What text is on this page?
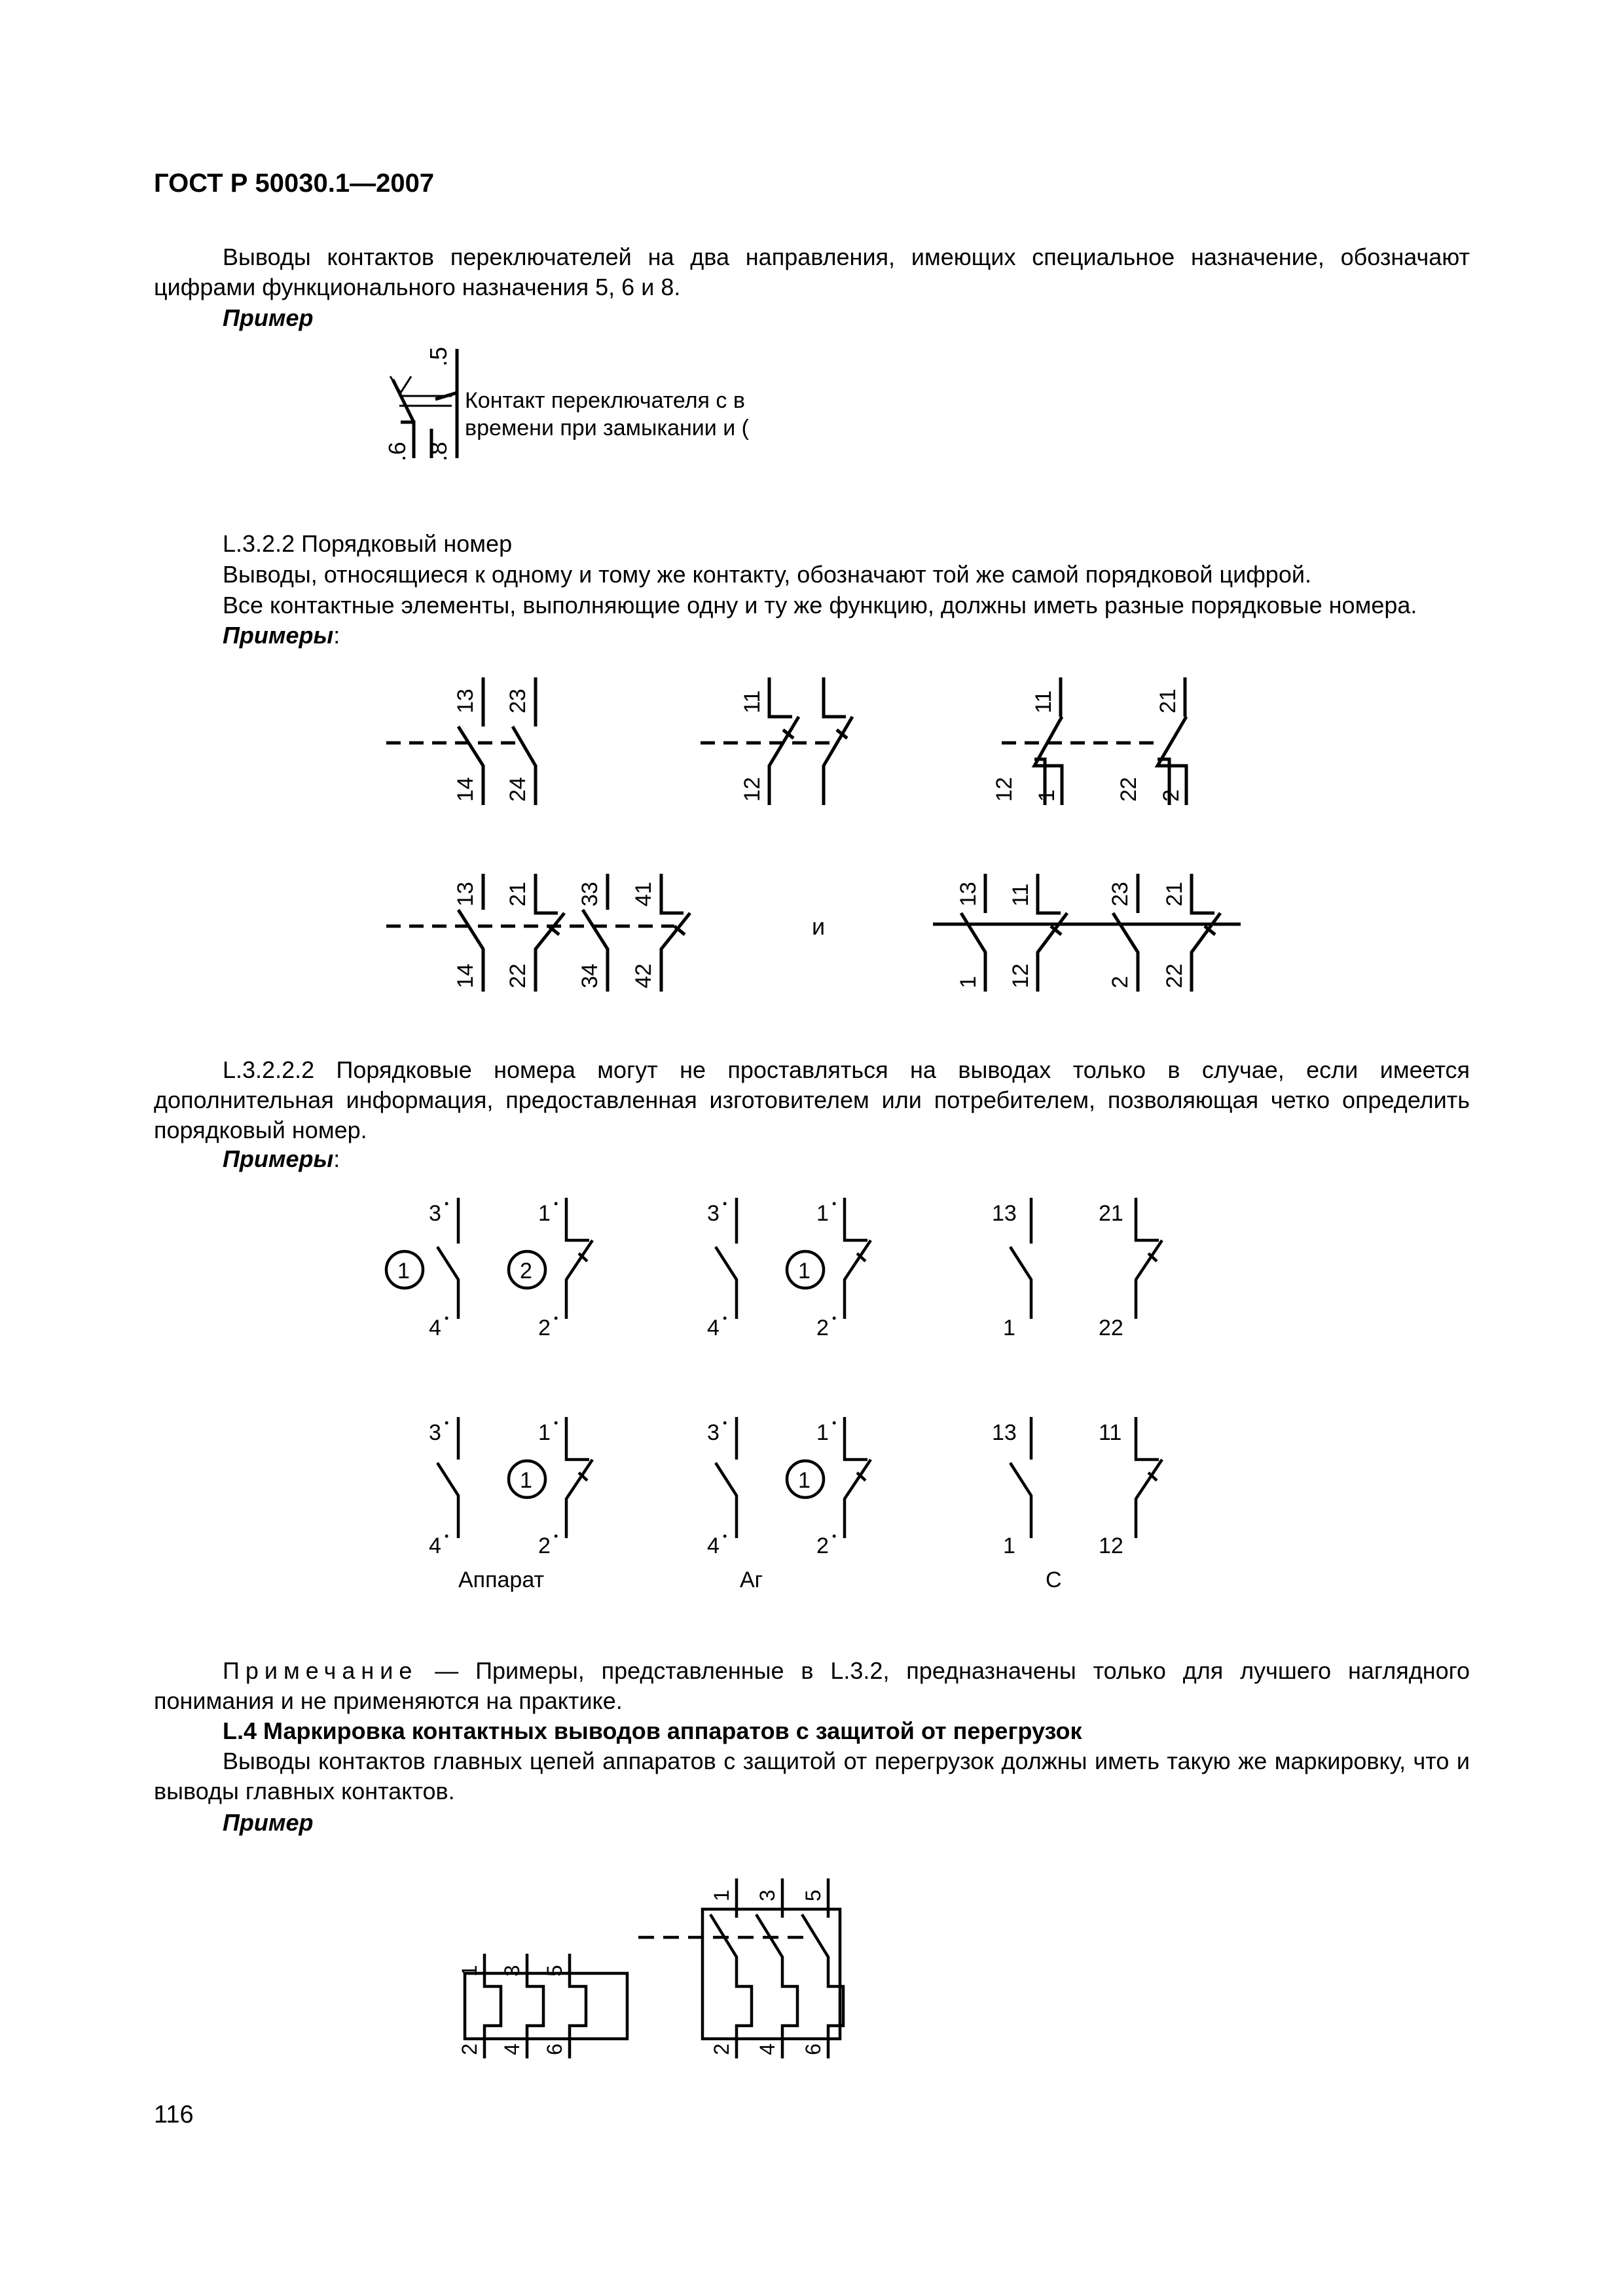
ГОСТ Р 50030.1—2007

Выводы контактов переключателей на два направления, имеющих специальное назначение, обозначают цифрами функционального назначения 5, 6 и 8.

Пример

.5
.6 .8
Контакт переключателя с в
времени при замыкании и (
13 23
14 24
11
12
11	21
12 1	22 2
13 21 33 41
14 22 34 42
и
13 11	23 21
1 12	2 22
3 •
4 •
1
1 •
2 •
2
3 •
4 •
1 •
2 •
1
13
1
21
22
3 •
4 •
1 •
2 •
1
3 •
4 •
1 •
2 •
1
13
1
11
12
Аппарат	Аг	С
1 3 5
2 4 6
1 3 5
2 4 6

L.3.2.2 Порядковый номер

Выводы, относящиеся к одному и тому же контакту, обозначают той же самой порядковой цифрой.

Все контактные элементы, выполняющие одну и ту же функцию, должны иметь разные порядковые номера.

Примеры:

L.3.2.2.2 Порядковые номера могут не проставляться на выводах только в случае, если имеется дополнительная информация, предоставленная изготовителем или потребителем, позволяющая четко определить порядковый номер.

Примеры:

Примечание — Примеры, представленные в L.3.2, предназначены только для лучшего наглядного понимания и не применяются на практике.

L.4 Маркировка контактных выводов аппаратов с защитой от перегрузок

Выводы контактов главных цепей аппаратов с защитой от перегрузок должны иметь такую же маркировку, что и выводы главных контактов.

Пример

116
